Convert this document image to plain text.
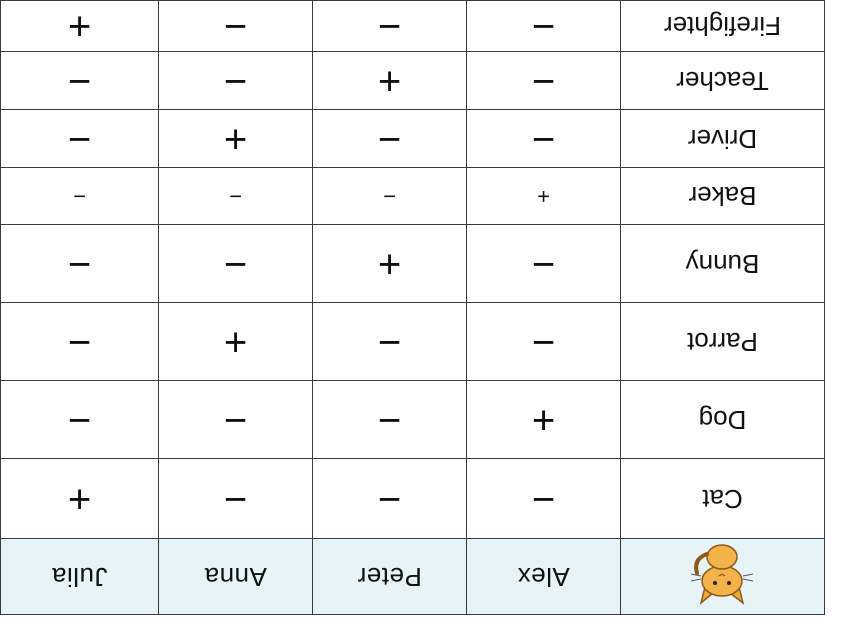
	Alex	Peter	Anna	Julia
Cat	−	−	−	+
Dog	+	−	−	−
Parrot	−	−	+	−
Bunny	−	+	−	−
Baker	+	−	−	−
Driver	−	−	+	−
Teacher	−	+	−	−
Firefighter	−	−	−	+
